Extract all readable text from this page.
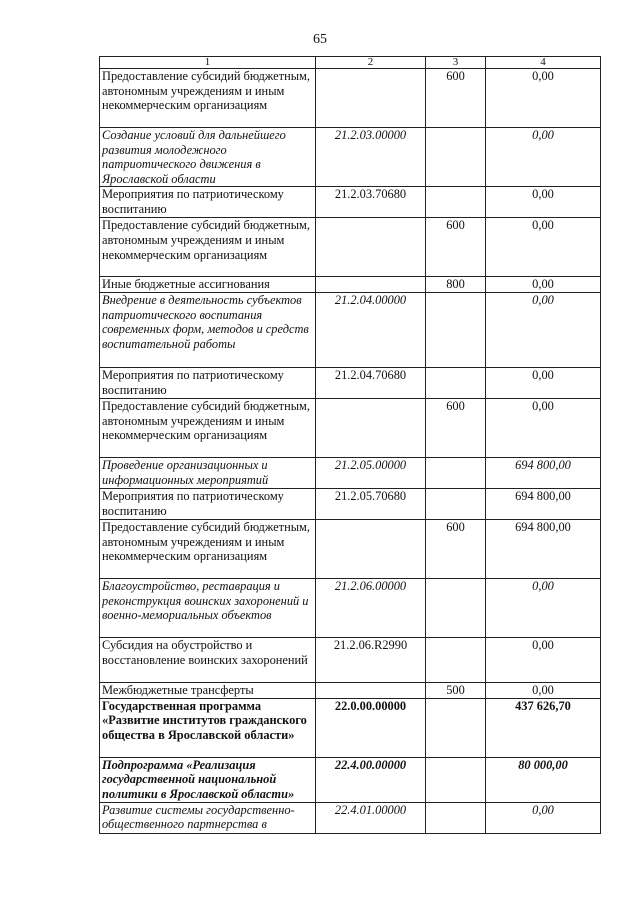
65
1	2	3	4
Предоставление субсидий бюджетным, автономным учреждениям и иным некоммерческим организациям		600	0,00
Создание условий для дальнейшего развития молодежного патриотического движения в Ярославской области	21.2.03.00000		0,00
Мероприятия по патриотическому воспитанию	21.2.03.70680		0,00
Предоставление субсидий бюджетным, автономным учреждениям и иным некоммерческим организациям		600	0,00
Иные бюджетные ассигнования		800	0,00
Внедрение в деятельность субъектов патриотического воспитания современных форм, методов и средств воспитательной работы	21.2.04.00000		0,00
Мероприятия по патриотическому воспитанию	21.2.04.70680		0,00
Предоставление субсидий бюджетным, автономным учреждениям и иным некоммерческим организациям		600	0,00
Проведение организационных и информационных мероприятий	21.2.05.00000		694 800,00
Мероприятия по патриотическому воспитанию	21.2.05.70680		694 800,00
Предоставление субсидий бюджетным, автономным учреждениям и иным некоммерческим организациям		600	694 800,00
Благоустройство, реставрация и реконструкция воинских захоронений и военно-мемориальных объектов	21.2.06.00000		0,00
Субсидия на обустройство и восстановление воинских захоронений	21.2.06.R2990		0,00
Межбюджетные трансферты		500	0,00
Государственная программа «Развитие институтов гражданского общества в Ярославской области»	22.0.00.00000		437 626,70
Подпрограмма «Реализация государственной национальной политики в Ярославской области»	22.4.00.00000		80 000,00
Развитие системы государственно-общественного партнерства в	22.4.01.00000		0,00
